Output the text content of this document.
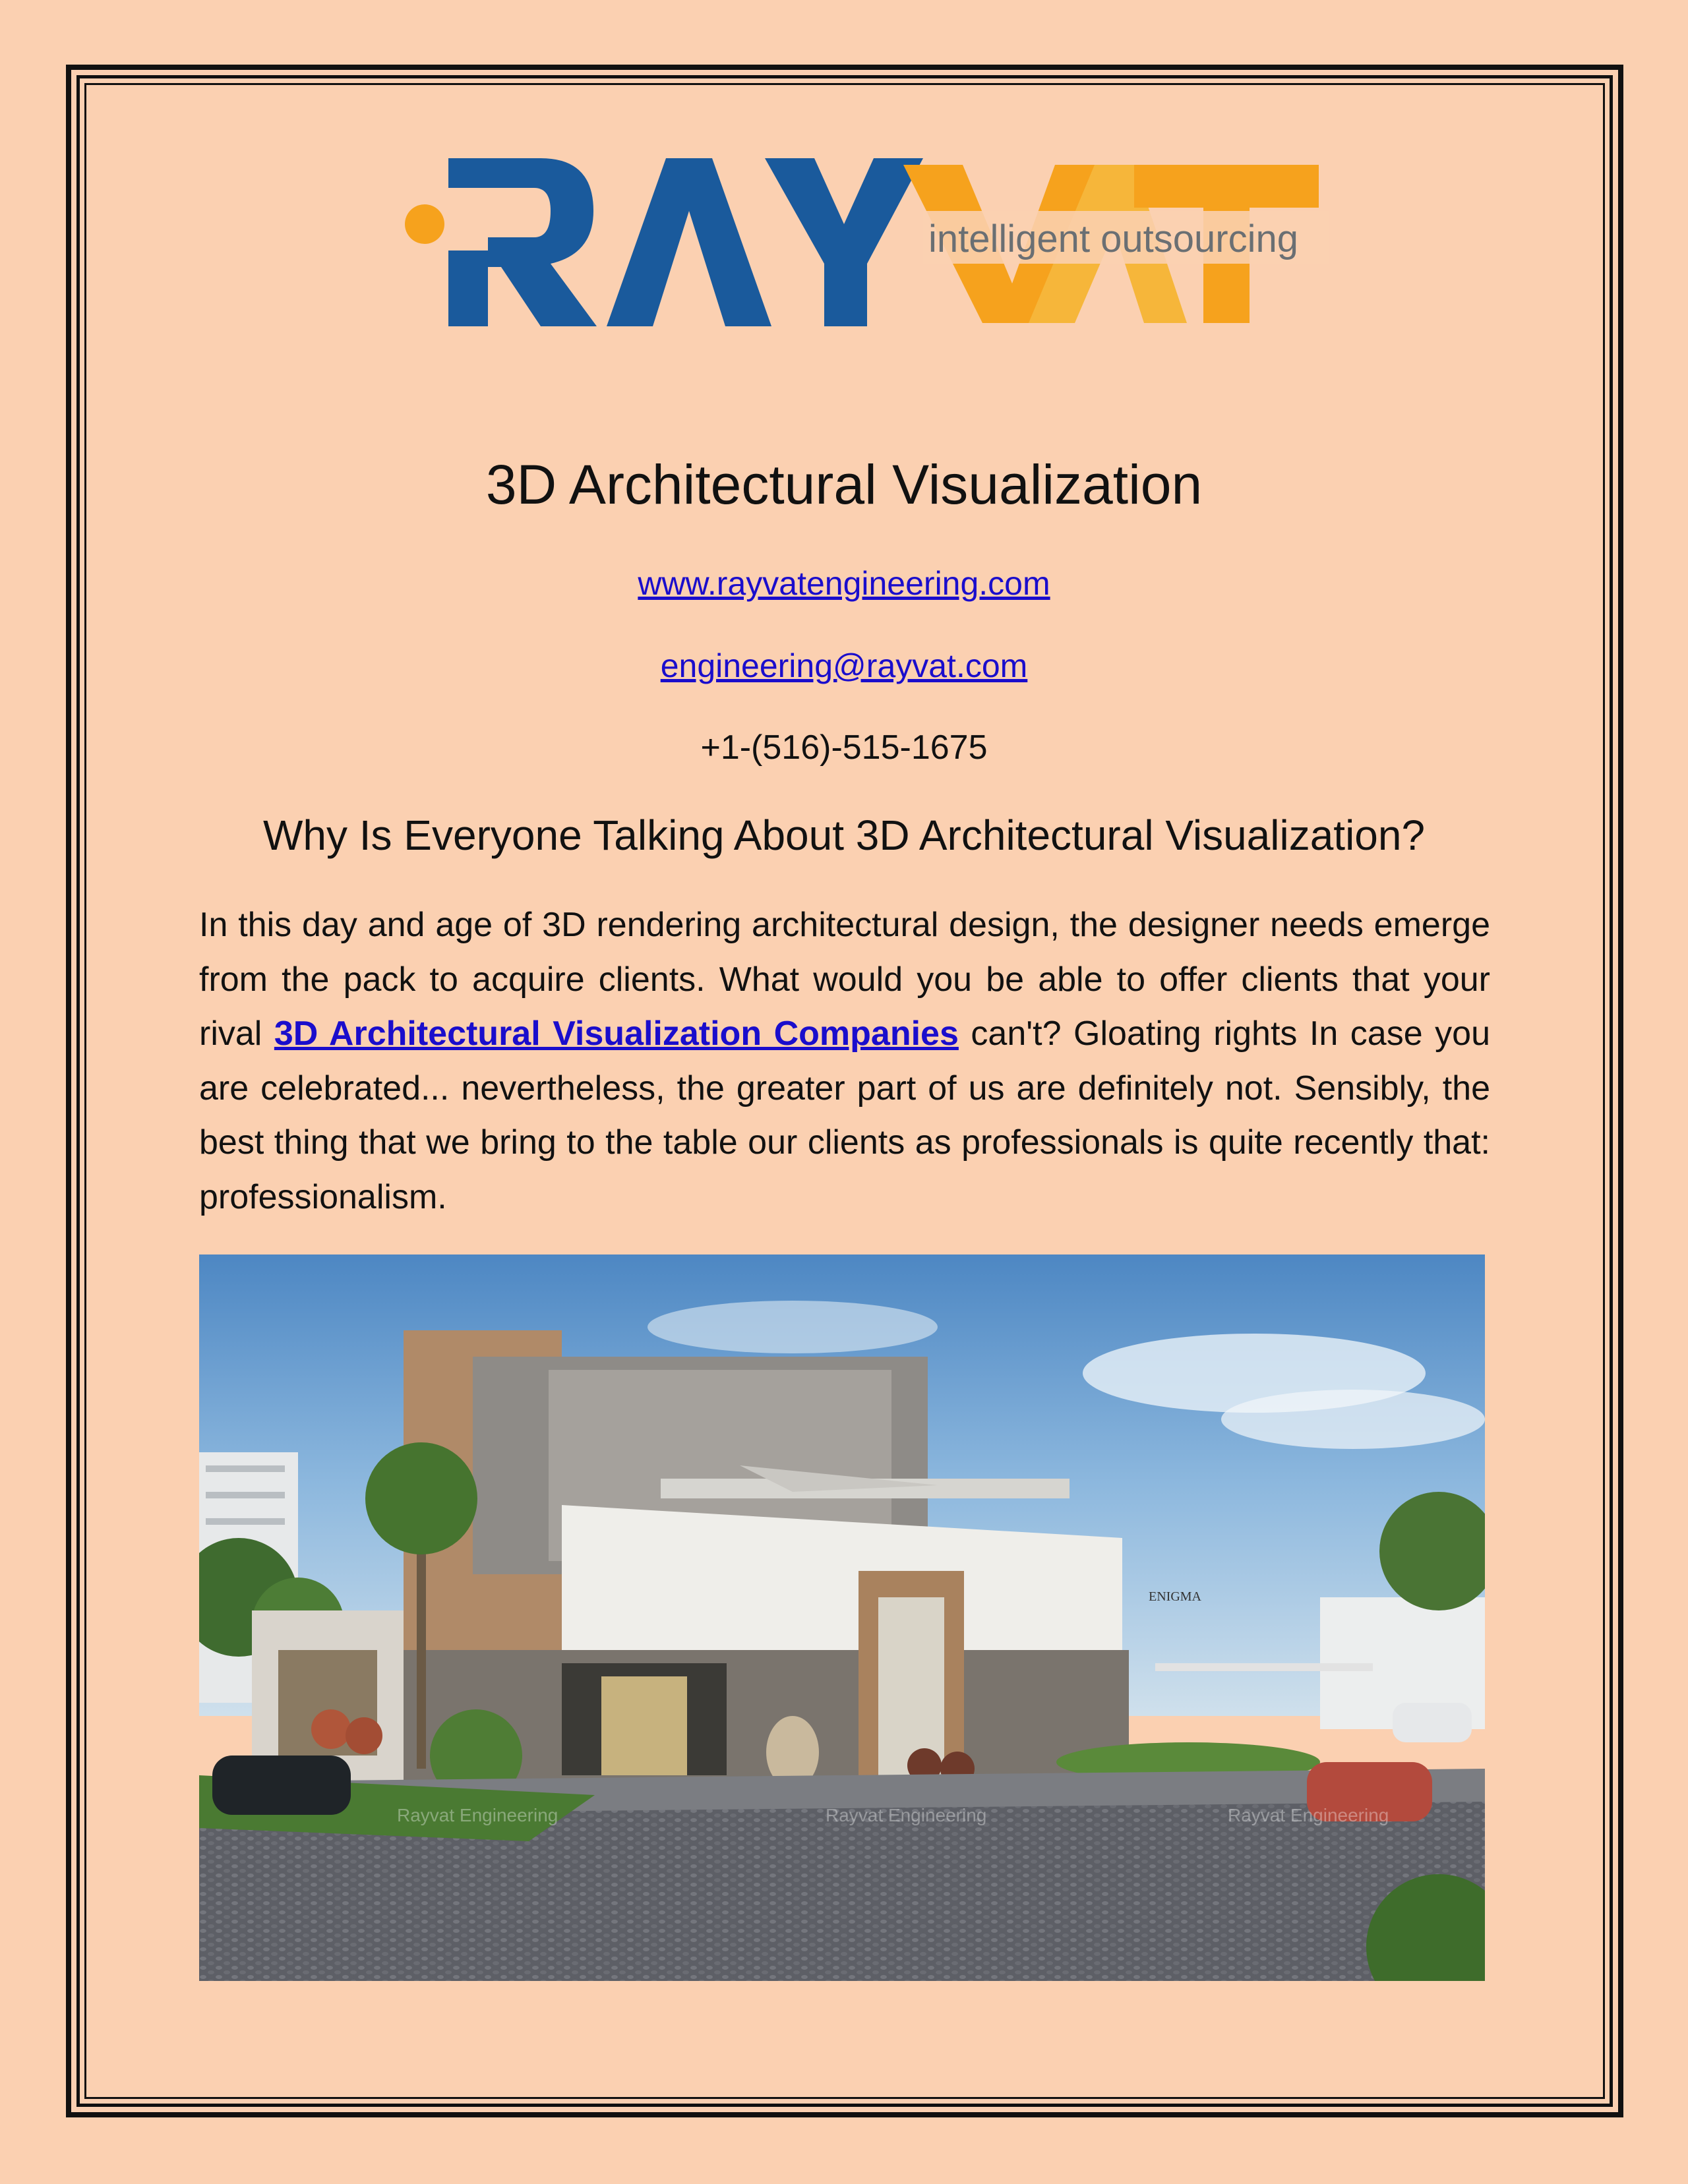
intelligent outsourcing
3D Architectural Visualization
www.rayvatengineering.com
engineering@rayvat.com
+1-(516)-515-1675
Why Is Everyone Talking About 3D Architectural Visualization?

In this day and age of 3D rendering architectural design, the designer needs emerge from the pack to acquire clients. What would you be able to offer clients that your rival 3D Architectural Visualization Companies can't? Gloating rights In case you are celebrated... nevertheless, the greater part of us are definitely not. Sensibly, the best thing that we bring to the table our clients as professionals is quite recently that: professionalism.

ENIGMA
Rayvat Engineering	Rayvat Engineering	Rayvat Engineering
